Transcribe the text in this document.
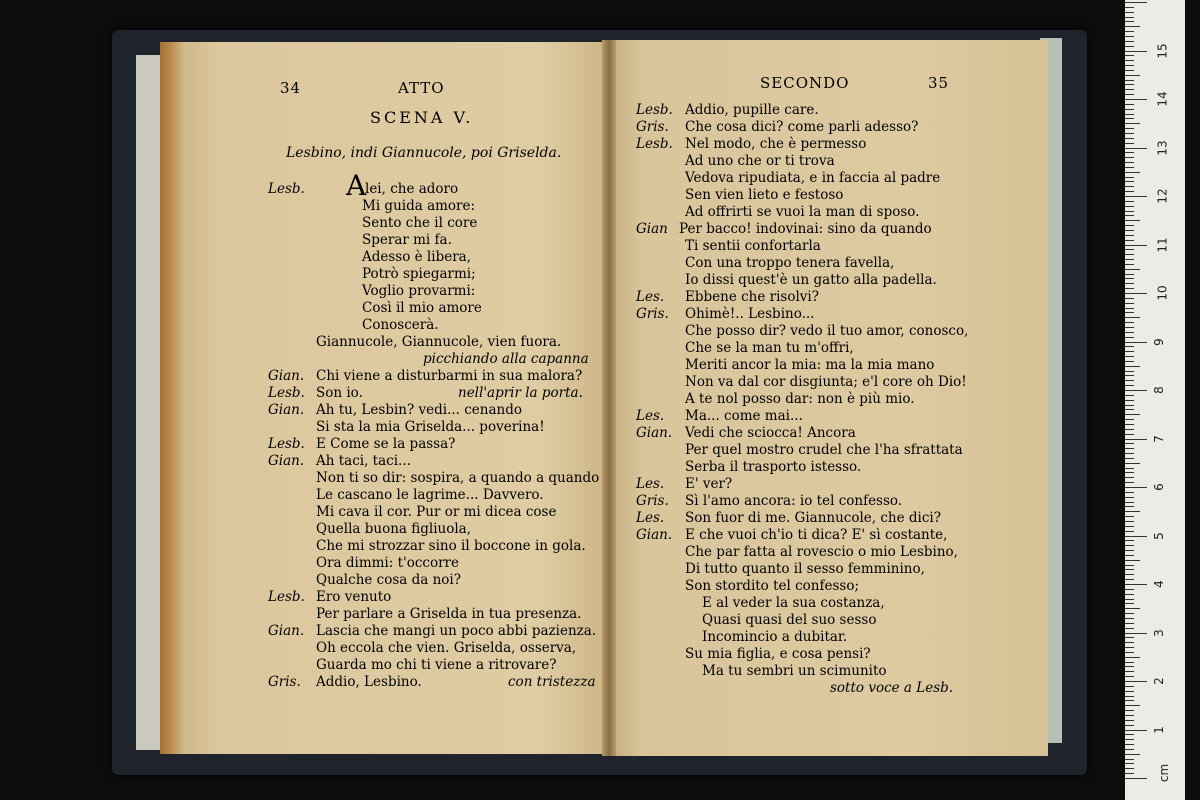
34	ATTO
SCENA V.
Lesbino, indi Giannucole, poi Griselda.
A
Lesb.	lei, che adoro
Mi guida amore:
Sento che il core
Sperar mi fa.
Adesso è libera,
Potrò spiegarmi;
Voglio provarmi:
Così il mio amore
Conoscerà.
Giannucole, Giannucole, vien fuora.
picchiando alla capanna
Gian. Chi viene a disturbarmi in sua malora?
Lesb. Son io.	nell'aprir la porta.
Gian. Ah tu, Lesbin? vedi... cenando
Si sta la mia Griselda... poverina!
Lesb. E Come se la passa?
Gian. Ah taci, taci...
Non ti so dir: sospira, a quando a quando
Le cascano le lagrime... Davvero.
Mi cava il cor. Pur or mi dicea cose
Quella buona figliuola,
Che mi strozzar sino il boccone in gola.
Ora dimmi: t'occorre
Qualche cosa da noi?
Lesb. Ero venuto
Per parlare a Griselda in tua presenza.
Gian. Lascia che mangi un poco abbi pazienza.
Oh eccola che vien. Griselda, osserva,
Guarda mo chi ti viene a ritrovare?
Gris. Addio, Lesbino.	con tristezza
SECONDO	35
Lesb. Addio, pupille care.
Gris. Che cosa dici? come parli adesso?
Lesb. Nel modo, che è permesso
Ad uno che or ti trova
Vedova ripudiata, e in faccia al padre
Sen vien lieto e festoso
Ad offrirti se vuoi la man di sposo.
Gian Per bacco! indovinai: sino da quando
Ti sentii confortarla
Con una troppo tenera favella,
Io dissi quest'è un gatto alla padella.
Les. Ebbene che risolvi?
Gris. Ohimè!.. Lesbino...
Che posso dir? vedo il tuo amor, conosco,
Che se la man tu m'offri,
Meriti ancor la mia: ma la mia mano
Non va dal cor disgiunta; e'l core oh Dio!
A te nol posso dar: non è più mio.
Les. Ma... come mai...
Gian. Vedi che sciocca! Ancora
Per quel mostro crudel che l'ha sfrattata
Serba il trasporto istesso.
Les. E' ver?
Gris. Sì l'amo ancora: io tel confesso.
Les. Son fuor di me. Giannucole, che dici?
Gian. E che vuoi ch'io ti dica? E' sì costante,
Che par fatta al rovescio o mio Lesbino,
Di tutto quanto il sesso femminino,
Son stordito tel confesso;
E al veder la sua costanza,
Quasi quasi del suo sesso
Incomincio a dubitar.
Su mia figlia, e cosa pensi?
Ma tu sembri un scimunito
sotto voce a Lesb.
1
2
3
4
5
6
7
8
9
10
11
12
13
14
15
cm
